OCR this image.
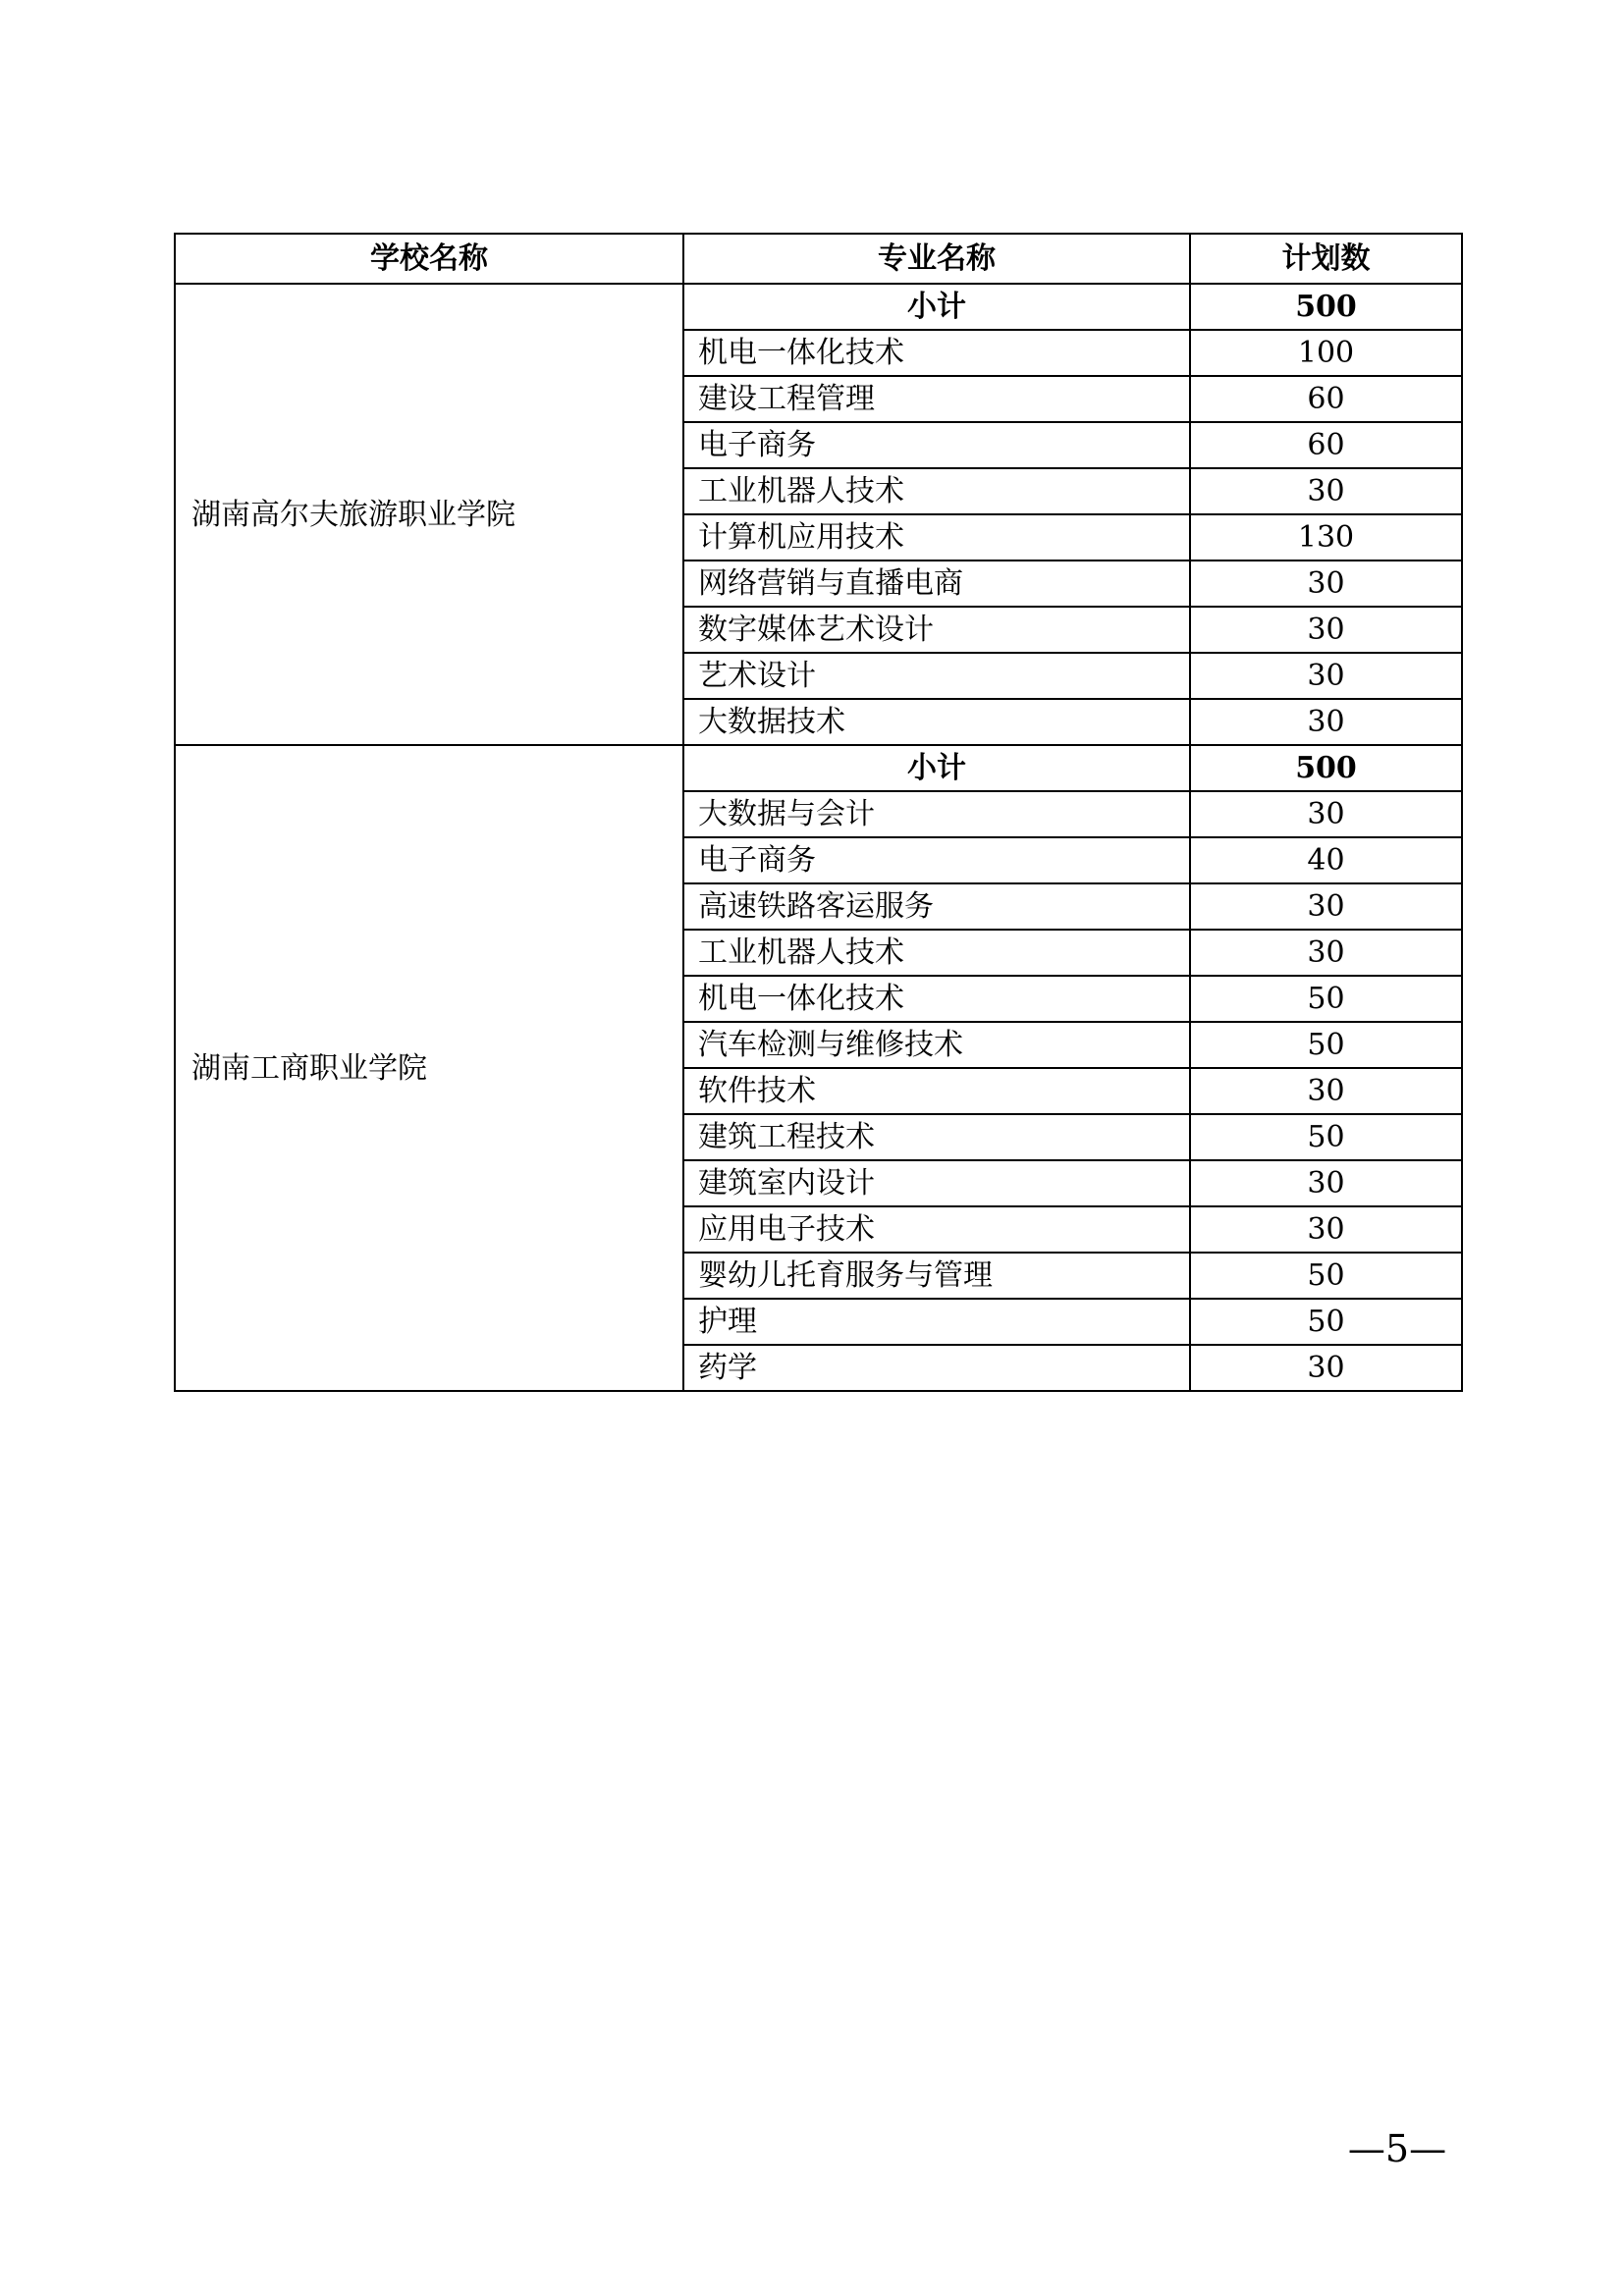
学校名称	专业名称	计划数
湖南高尔夫旅游职业学院	小计	500
	机电一体化技术	100
	建设工程管理	60
	电子商务	60
	工业机器人技术	30
	计算机应用技术	130
	网络营销与直播电商	30
	数字媒体艺术设计	30
	艺术设计	30
	大数据技术	30
湖南工商职业学院	小计	500
	大数据与会计	30
	电子商务	40
	高速铁路客运服务	30
	工业机器人技术	30
	机电一体化技术	50
	汽车检测与维修技术	50
	软件技术	30
	建筑工程技术	50
	建筑室内设计	30
	应用电子技术	30
	婴幼儿托育服务与管理	50
	护理	50
	药学	30
—5—
